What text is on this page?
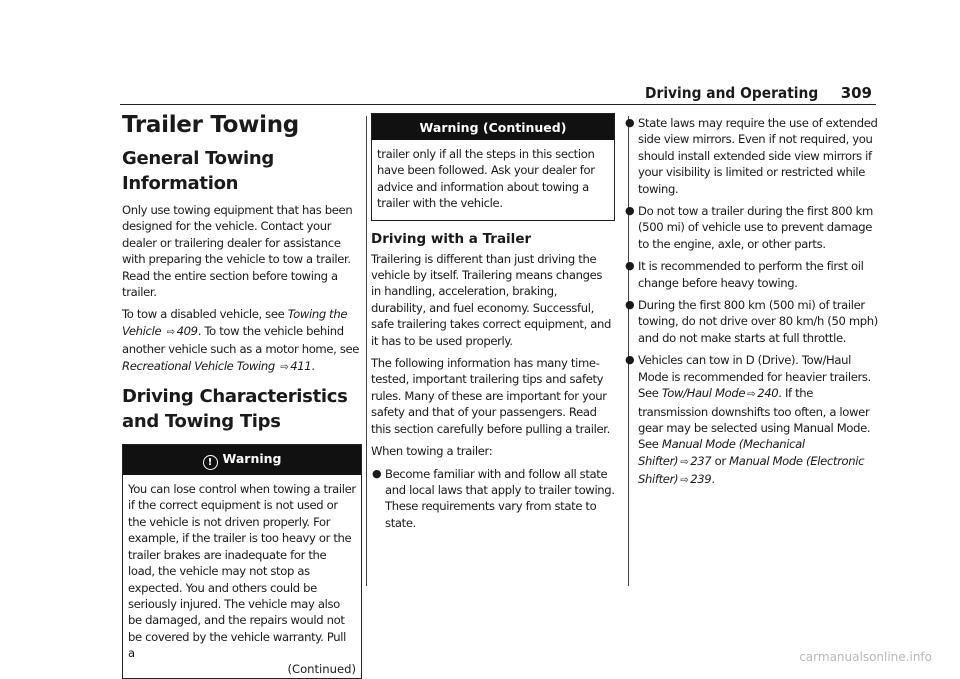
Driving and Operating 309
Trailer Towing
General Towing Information

Only use towing equipment that has been designed for the vehicle. Contact your dealer or trailering dealer for assistance with preparing the vehicle to tow a trailer. Read the entire section before towing a trailer.

To tow a disabled vehicle, see Towing the Vehicle ⇨ 409. To tow the vehicle behind another vehicle such as a motor home, see Recreational Vehicle Towing ⇨ 411.

Driving Characteristics and Towing Tips
! Warning

You can lose control when towing a trailer if the correct equipment is not used or the vehicle is not driven properly. For example, if the trailer is too heavy or the trailer brakes are inadequate for the load, the vehicle may not stop as expected. You and others could be seriously injured. The vehicle may also be damaged, and the repairs would not be covered by the vehicle warranty. Pull a

(Continued)
Warning (Continued)

trailer only if all the steps in this section have been followed. Ask your dealer for advice and information about towing a trailer with the vehicle.

Driving with a Trailer

Trailering is different than just driving the vehicle by itself. Trailering means changes in handling, acceleration, braking, durability, and fuel economy. Successful, safe trailering takes correct equipment, and it has to be used properly.

The following information has many time-tested, important trailering tips and safety rules. Many of these are important for your safety and that of your passengers. Read this section carefully before pulling a trailer.

When towing a trailer:

● Become familiar with and follow all state and local laws that apply to trailer towing. These requirements vary from state to state.
● State laws may require the use of extended side view mirrors. Even if not required, you should install extended side view mirrors if your visibility is limited or restricted while towing.
● Do not tow a trailer during the first 800 km (500 mi) of vehicle use to prevent damage to the engine, axle, or other parts.
● It is recommended to perform the first oil change before heavy towing.
● During the first 800 km (500 mi) of trailer towing, do not drive over 80 km/h (50 mph) and do not make starts at full throttle.
● Vehicles can tow in D (Drive). Tow/Haul Mode is recommended for heavier trailers. See Tow/Haul Mode ⇨ 240. If the transmission downshifts too often, a lower gear may be selected using Manual Mode. See Manual Mode (Mechanical Shifter) ⇨ 237 or Manual Mode (Electronic Shifter) ⇨ 239.
carmanualsonline.info
